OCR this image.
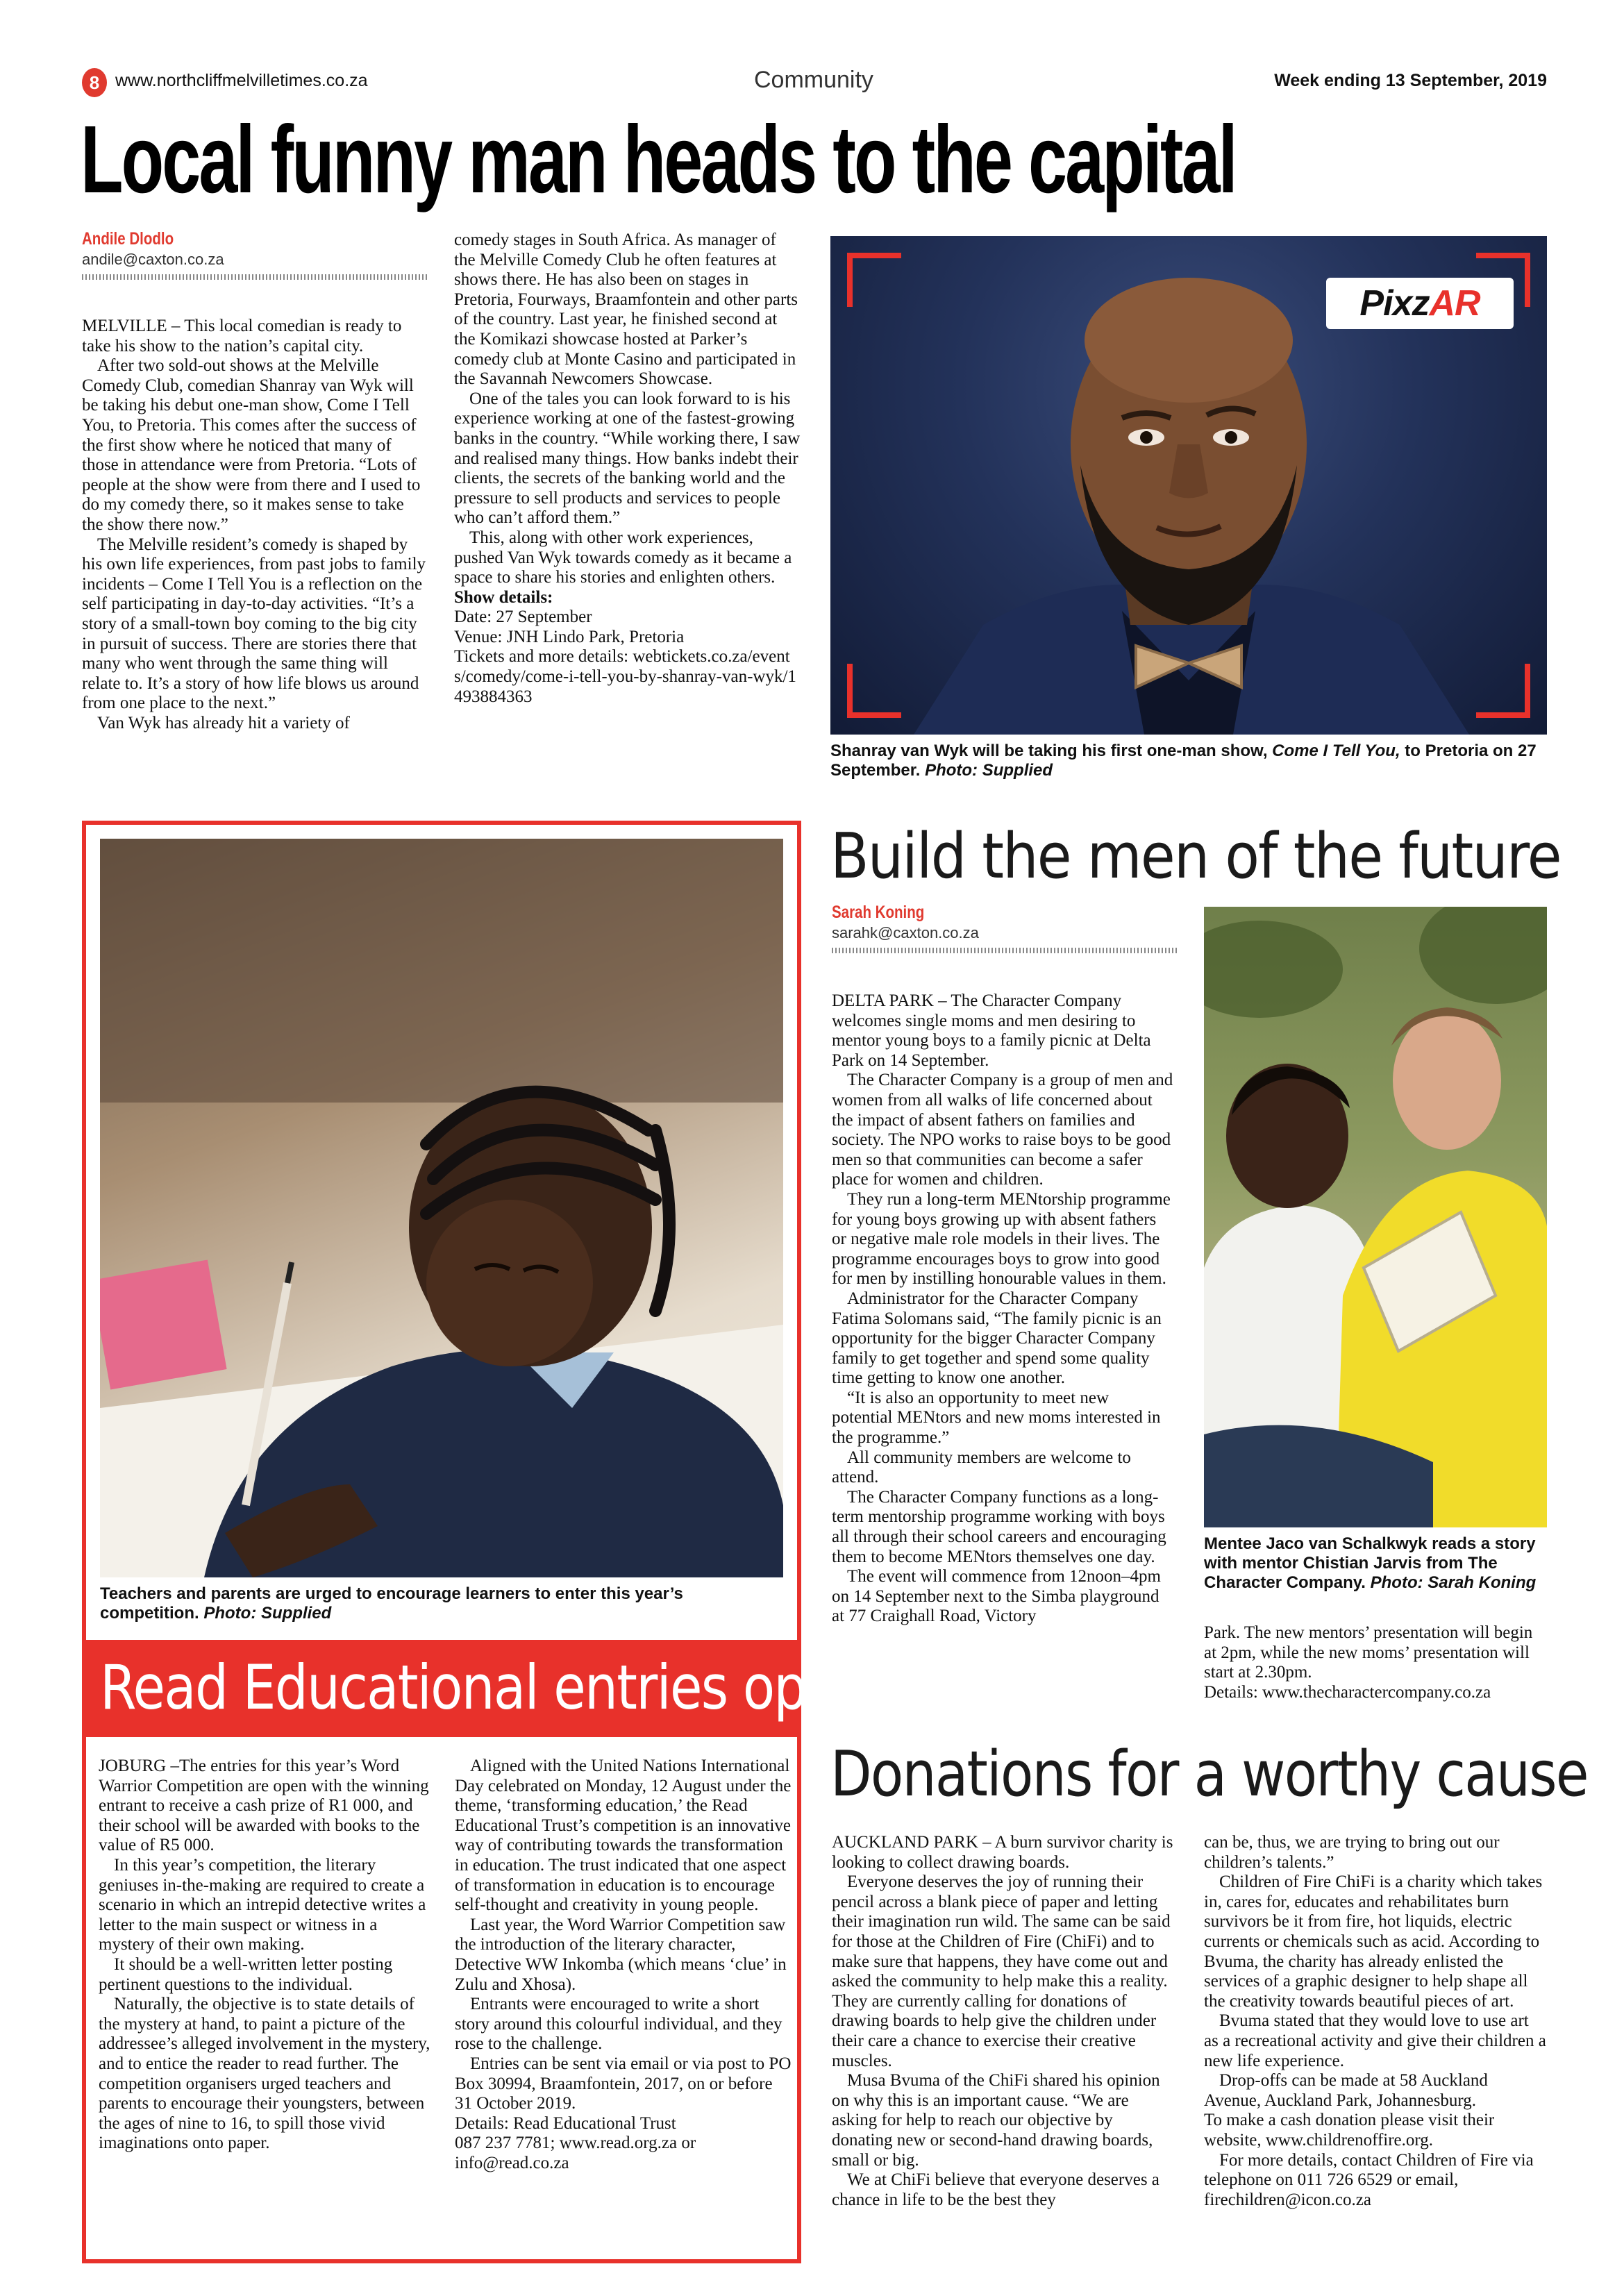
8 www.northcliffmelvilletimes.co.za	Community	Week ending 13 September, 2019
Local funny man heads to the capital
Andile Dlodlo
andile@caxton.co.za

MELVILLE – This local comedian is ready to take his show to the nation’s capital city.

After two sold-out shows at the Melville Comedy Club, comedian Shanray van Wyk will be taking his debut one-man show, Come I Tell You, to Pretoria. This comes after the success of the first show where he noticed that many of those in attendance were from Pretoria. “Lots of people at the show were from there and I used to do my comedy there, so it makes sense to take the show there now.”

The Melville resident’s comedy is shaped by his own life experiences, from past jobs to family incidents – Come I Tell You is a reflection on the self participating in day-to-day activities. “It’s a story of a small-town boy coming to the big city in pursuit of success. There are stories there that many who went through the same thing will relate to. It’s a story of how life blows us around from one place to the next.”

Van Wyk has already hit a variety of

comedy stages in South Africa. As manager of the Melville Comedy Club he often features at shows there. He has also been on stages in Pretoria, Fourways, Braamfontein and other parts of the country. Last year, he finished second at the Komikazi showcase hosted at Parker’s comedy club at Monte Casino and participated in the Savannah Newcomers Showcase.

One of the tales you can look forward to is his experience working at one of the fastest-growing banks in the country. “While working there, I saw and realised many things. How banks indebt their clients, the secrets of the banking world and the pressure to sell products and services to people who can’t afford them.”

This, along with other work experiences, pushed Van Wyk towards comedy as it became a space to share his stories and enlighten others.

Show details:

Date: 27 September

Venue: JNH Lindo Park, Pretoria

Tickets and more details: webtickets.co.za/events/comedy/come-i-tell-you-by-shanray-van-wyk/1493884363

PixzAR
Shanray van Wyk will be taking his first one-man show, Come I Tell You, to Pretoria on 27 September. Photo: Supplied
Teachers and parents are urged to encourage learners to enter this year’s competition. Photo: Supplied
Read Educational entries open

JOBURG –The entries for this year’s Word Warrior Competition are open with the winning entrant to receive a cash prize of R1 000, and their school will be awarded with books to the value of R5 000.

In this year’s competition, the literary geniuses in-the-making are required to create a scenario in which an intrepid detective writes a letter to the main suspect or witness in a mystery of their own making.

It should be a well-written letter posting pertinent questions to the individual.

Naturally, the objective is to state details of the mystery at hand, to paint a picture of the addressee’s alleged involvement in the mystery, and to entice the reader to read further. The competition organisers urged teachers and parents to encourage their youngsters, between the ages of nine to 16, to spill those vivid imaginations onto paper.

Aligned with the United Nations International Day celebrated on Monday, 12 August under the theme, ‘transforming education,’ the Read Educational Trust’s competition is an innovative way of contributing towards the transformation in education. The trust indicated that one aspect of transformation in education is to encourage self-thought and creativity in young people.

Last year, the Word Warrior Competition saw the introduction of the literary character, Detective WW Inkomba (which means ‘clue’ in Zulu and Xhosa).

Entrants were encouraged to write a short story around this colourful individual, and they rose to the challenge.

Entries can be sent via email or via post to PO Box 30994, Braamfontein, 2017, on or before 31 October 2019.

Details: Read Educational Trust

087 237 7781; www.read.org.za or info@read.co.za

Build the men of the future
Sarah Koning
sarahk@caxton.co.za

DELTA PARK – The Character Company welcomes single moms and men desiring to mentor young boys to a family picnic at Delta Park on 14 September.

The Character Company is a group of men and women from all walks of life concerned about the impact of absent fathers on families and society. The NPO works to raise boys to be good men so that communities can become a safer place for women and children.

They run a long-term MENtorship programme for young boys growing up with absent fathers or negative male role models in their lives. The programme encourages boys to grow into good for men by instilling honourable values in them.

Administrator for the Character Company Fatima Solomans said, “The family picnic is an opportunity for the bigger Character Company family to get together and spend some quality time getting to know one another.

“It is also an opportunity to meet new potential MENtors and new moms interested in the programme.”

All community members are welcome to attend.

The Character Company functions as a long-term mentorship programme working with boys all through their school careers and encouraging them to become MENtors themselves one day.

The event will commence from 12noon–4pm on 14 September next to the Simba playground at 77 Craighall Road, Victory

Mentee Jaco van Schalkwyk reads a story with mentor Chistian Jarvis from The Character Company. Photo: Sarah Koning

Park. The new mentors’ presentation will begin at 2pm, while the new moms’ presentation will start at 2.30pm.

Details: www.thecharactercompany.co.za

Donations for a worthy cause

AUCKLAND PARK – A burn survivor charity is looking to collect drawing boards.

Everyone deserves the joy of running their pencil across a blank piece of paper and letting their imagination run wild. The same can be said for those at the Children of Fire (ChiFi) and to make sure that happens, they have come out and asked the community to help make this a reality. They are currently calling for donations of drawing boards to help give the children under their care a chance to exercise their creative muscles.

Musa Bvuma of the ChiFi shared his opinion on why this is an important cause. “We are asking for help to reach our objective by donating new or second-hand drawing boards, small or big.

We at ChiFi believe that everyone deserves a chance in life to be the best they

can be, thus, we are trying to bring out our children’s talents.”

Children of Fire ChiFi is a charity which takes in, cares for, educates and rehabilitates burn survivors be it from fire, hot liquids, electric currents or chemicals such as acid. According to Bvuma, the charity has already enlisted the services of a graphic designer to help shape all the creativity towards beautiful pieces of art.

Bvuma stated that they would love to use art as a recreational activity and give their children a new life experience.

Drop-offs can be made at 58 Auckland Avenue, Auckland Park, Johannesburg.

To make a cash donation please visit their website, www.childrenoffire.org.

For more details, contact Children of Fire via telephone on 011 726 6529 or email, firechildren@icon.co.za
